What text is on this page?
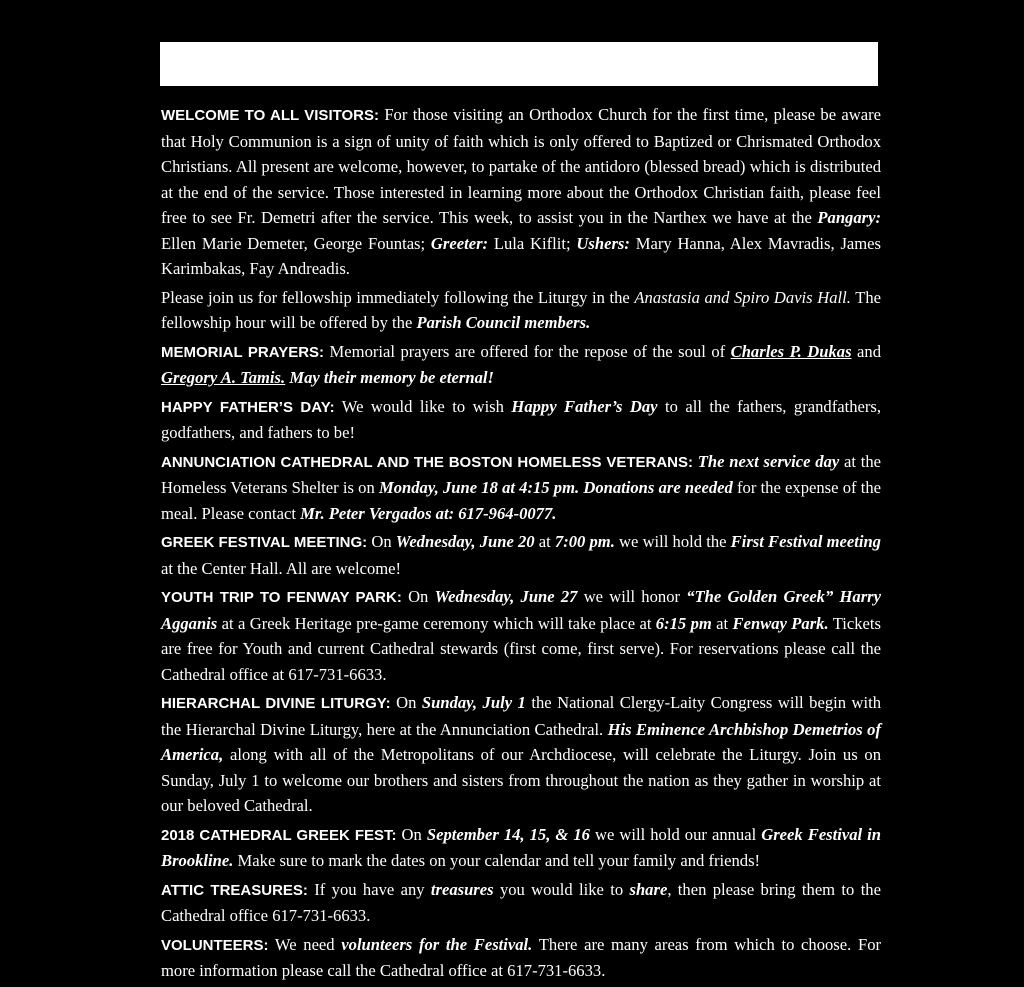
WELCOME TO ALL VISITORS: For those visiting an Orthodox Church for the first time, please be aware that Holy Communion is a sign of unity of faith which is only offered to Baptized or Chrismated Orthodox Christians. All present are welcome, however, to partake of the antidoro (blessed bread) which is distributed at the end of the service. Those interested in learning more about the Orthodox Christian faith, please feel free to see Fr. Demetri after the service. This week, to assist you in the Narthex we have at the Pangary: Ellen Marie Demeter, George Fountas; Greeter: Lula Kiflit; Ushers: Mary Hanna, Alex Mavradis, James Karimbakas, Fay Andreadis.

Please join us for fellowship immediately following the Liturgy in the Anastasia and Spiro Davis Hall. The fellowship hour will be offered by the Parish Council members.

MEMORIAL PRAYERS: Memorial prayers are offered for the repose of the soul of Charles P. Dukas and Gregory A. Tamis. May their memory be eternal!

HAPPY FATHER’S DAY: We would like to wish Happy Father’s Day to all the fathers, grandfathers, godfathers, and fathers to be!

ANNUNCIATION CATHEDRAL AND THE BOSTON HOMELESS VETERANS: The next service day at the Homeless Veterans Shelter is on Monday, June 18 at 4:15 pm. Donations are needed for the expense of the meal. Please contact Mr. Peter Vergados at: 617-964-0077.

GREEK FESTIVAL MEETING: On Wednesday, June 20 at 7:00 pm. we will hold the First Festival meeting at the Center Hall. All are welcome!

YOUTH TRIP TO FENWAY PARK: On Wednesday, June 27 we will honor “The Golden Greek” Harry Agganis at a Greek Heritage pre-game ceremony which will take place at 6:15 pm at Fenway Park. Tickets are free for Youth and current Cathedral stewards (first come, first serve). For reservations please call the Cathedral office at 617-731-6633.

HIERARCHAL DIVINE LITURGY: On Sunday, July 1 the National Clergy-Laity Congress will begin with the Hierarchal Divine Liturgy, here at the Annunciation Cathedral. His Eminence Archbishop Demetrios of America, along with all of the Metropolitans of our Archdiocese, will celebrate the Liturgy. Join us on Sunday, July 1 to welcome our brothers and sisters from throughout the nation as they gather in worship at our beloved Cathedral.

2018 CATHEDRAL GREEK FEST: On September 14, 15, & 16 we will hold our annual Greek Festival in Brookline. Make sure to mark the dates on your calendar and tell your family and friends!

ATTIC TREASURES: If you have any treasures you would like to share, then please bring them to the Cathedral office 617-731-6633.

VOLUNTEERS: We need volunteers for the Festival. There are many areas from which to choose. For more information please call the Cathedral office at 617-731-6633.
